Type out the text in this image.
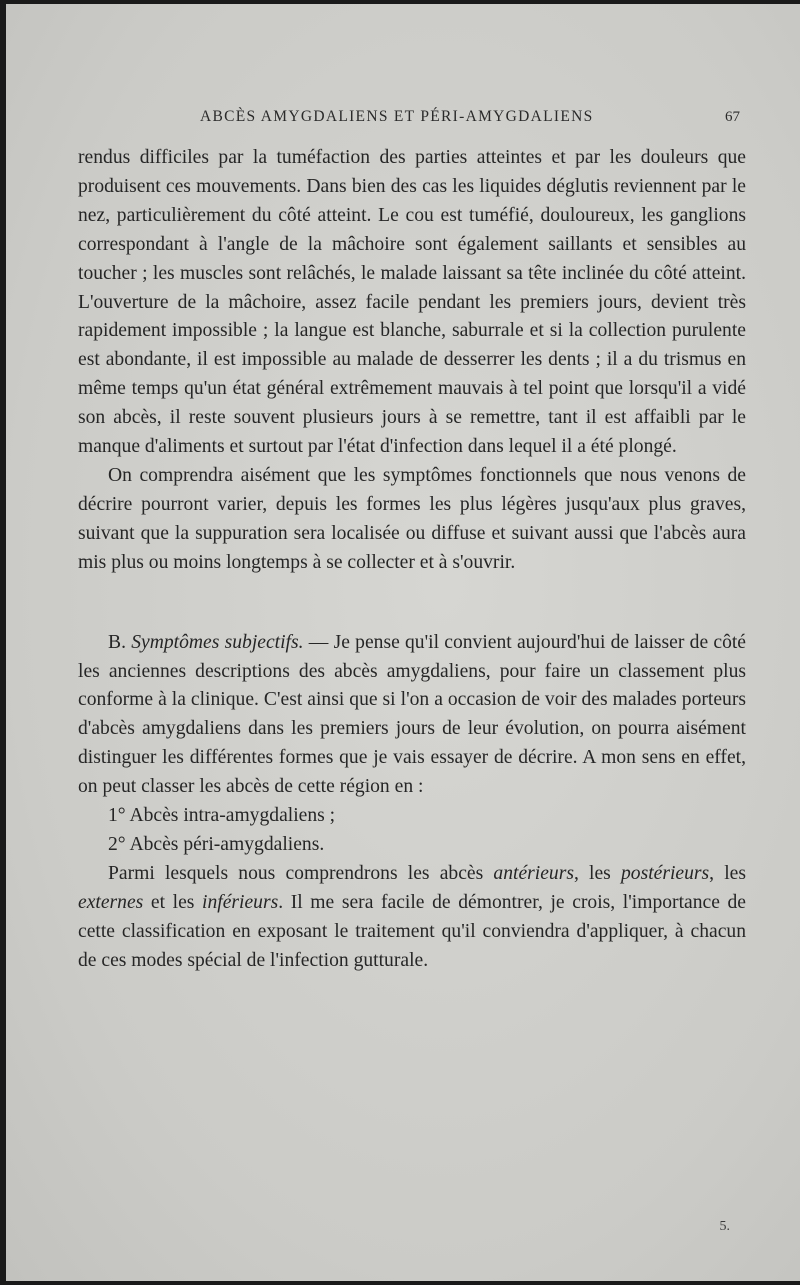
ABCÈS AMYGDALIENS ET PÉRI-AMYGDALIENS	67

rendus difficiles par la tuméfaction des parties atteintes et par les douleurs que produisent ces mouvements. Dans bien des cas les liquides déglutis reviennent par le nez, particulièrement du côté atteint. Le cou est tuméfié, douloureux, les ganglions correspondant à l'angle de la mâchoire sont également saillants et sensibles au toucher ; les muscles sont relâchés, le malade laissant sa tête inclinée du côté atteint. L'ouverture de la mâchoire, assez facile pendant les premiers jours, devient très rapidement impossible ; la langue est blanche, saburrale et si la collection purulente est abondante, il est impossible au malade de desserrer les dents ; il a du trismus en même temps qu'un état général extrêmement mauvais à tel point que lorsqu'il a vidé son abcès, il reste souvent plusieurs jours à se remettre, tant il est affaibli par le manque d'aliments et surtout par l'état d'infection dans lequel il a été plongé.

On comprendra aisément que les symptômes fonctionnels que nous venons de décrire pourront varier, depuis les formes les plus légères jusqu'aux plus graves, suivant que la suppuration sera localisée ou diffuse et suivant aussi que l'abcès aura mis plus ou moins longtemps à se collecter et à s'ouvrir.

B. Symptômes subjectifs. — Je pense qu'il convient aujourd'hui de laisser de côté les anciennes descriptions des abcès amygdaliens, pour faire un classement plus conforme à la clinique. C'est ainsi que si l'on a occasion de voir des malades porteurs d'abcès amygdaliens dans les premiers jours de leur évolution, on pourra aisément distinguer les différentes formes que je vais essayer de décrire. A mon sens en effet, on peut classer les abcès de cette région en :

1° Abcès intra-amygdaliens ;

2° Abcès péri-amygdaliens.

Parmi lesquels nous comprendrons les abcès antérieurs, les postérieurs, les externes et les inférieurs. Il me sera facile de démontrer, je crois, l'importance de cette classification en exposant le traitement qu'il conviendra d'appliquer, à chacun de ces modes spécial de l'infection gutturale.

5.
